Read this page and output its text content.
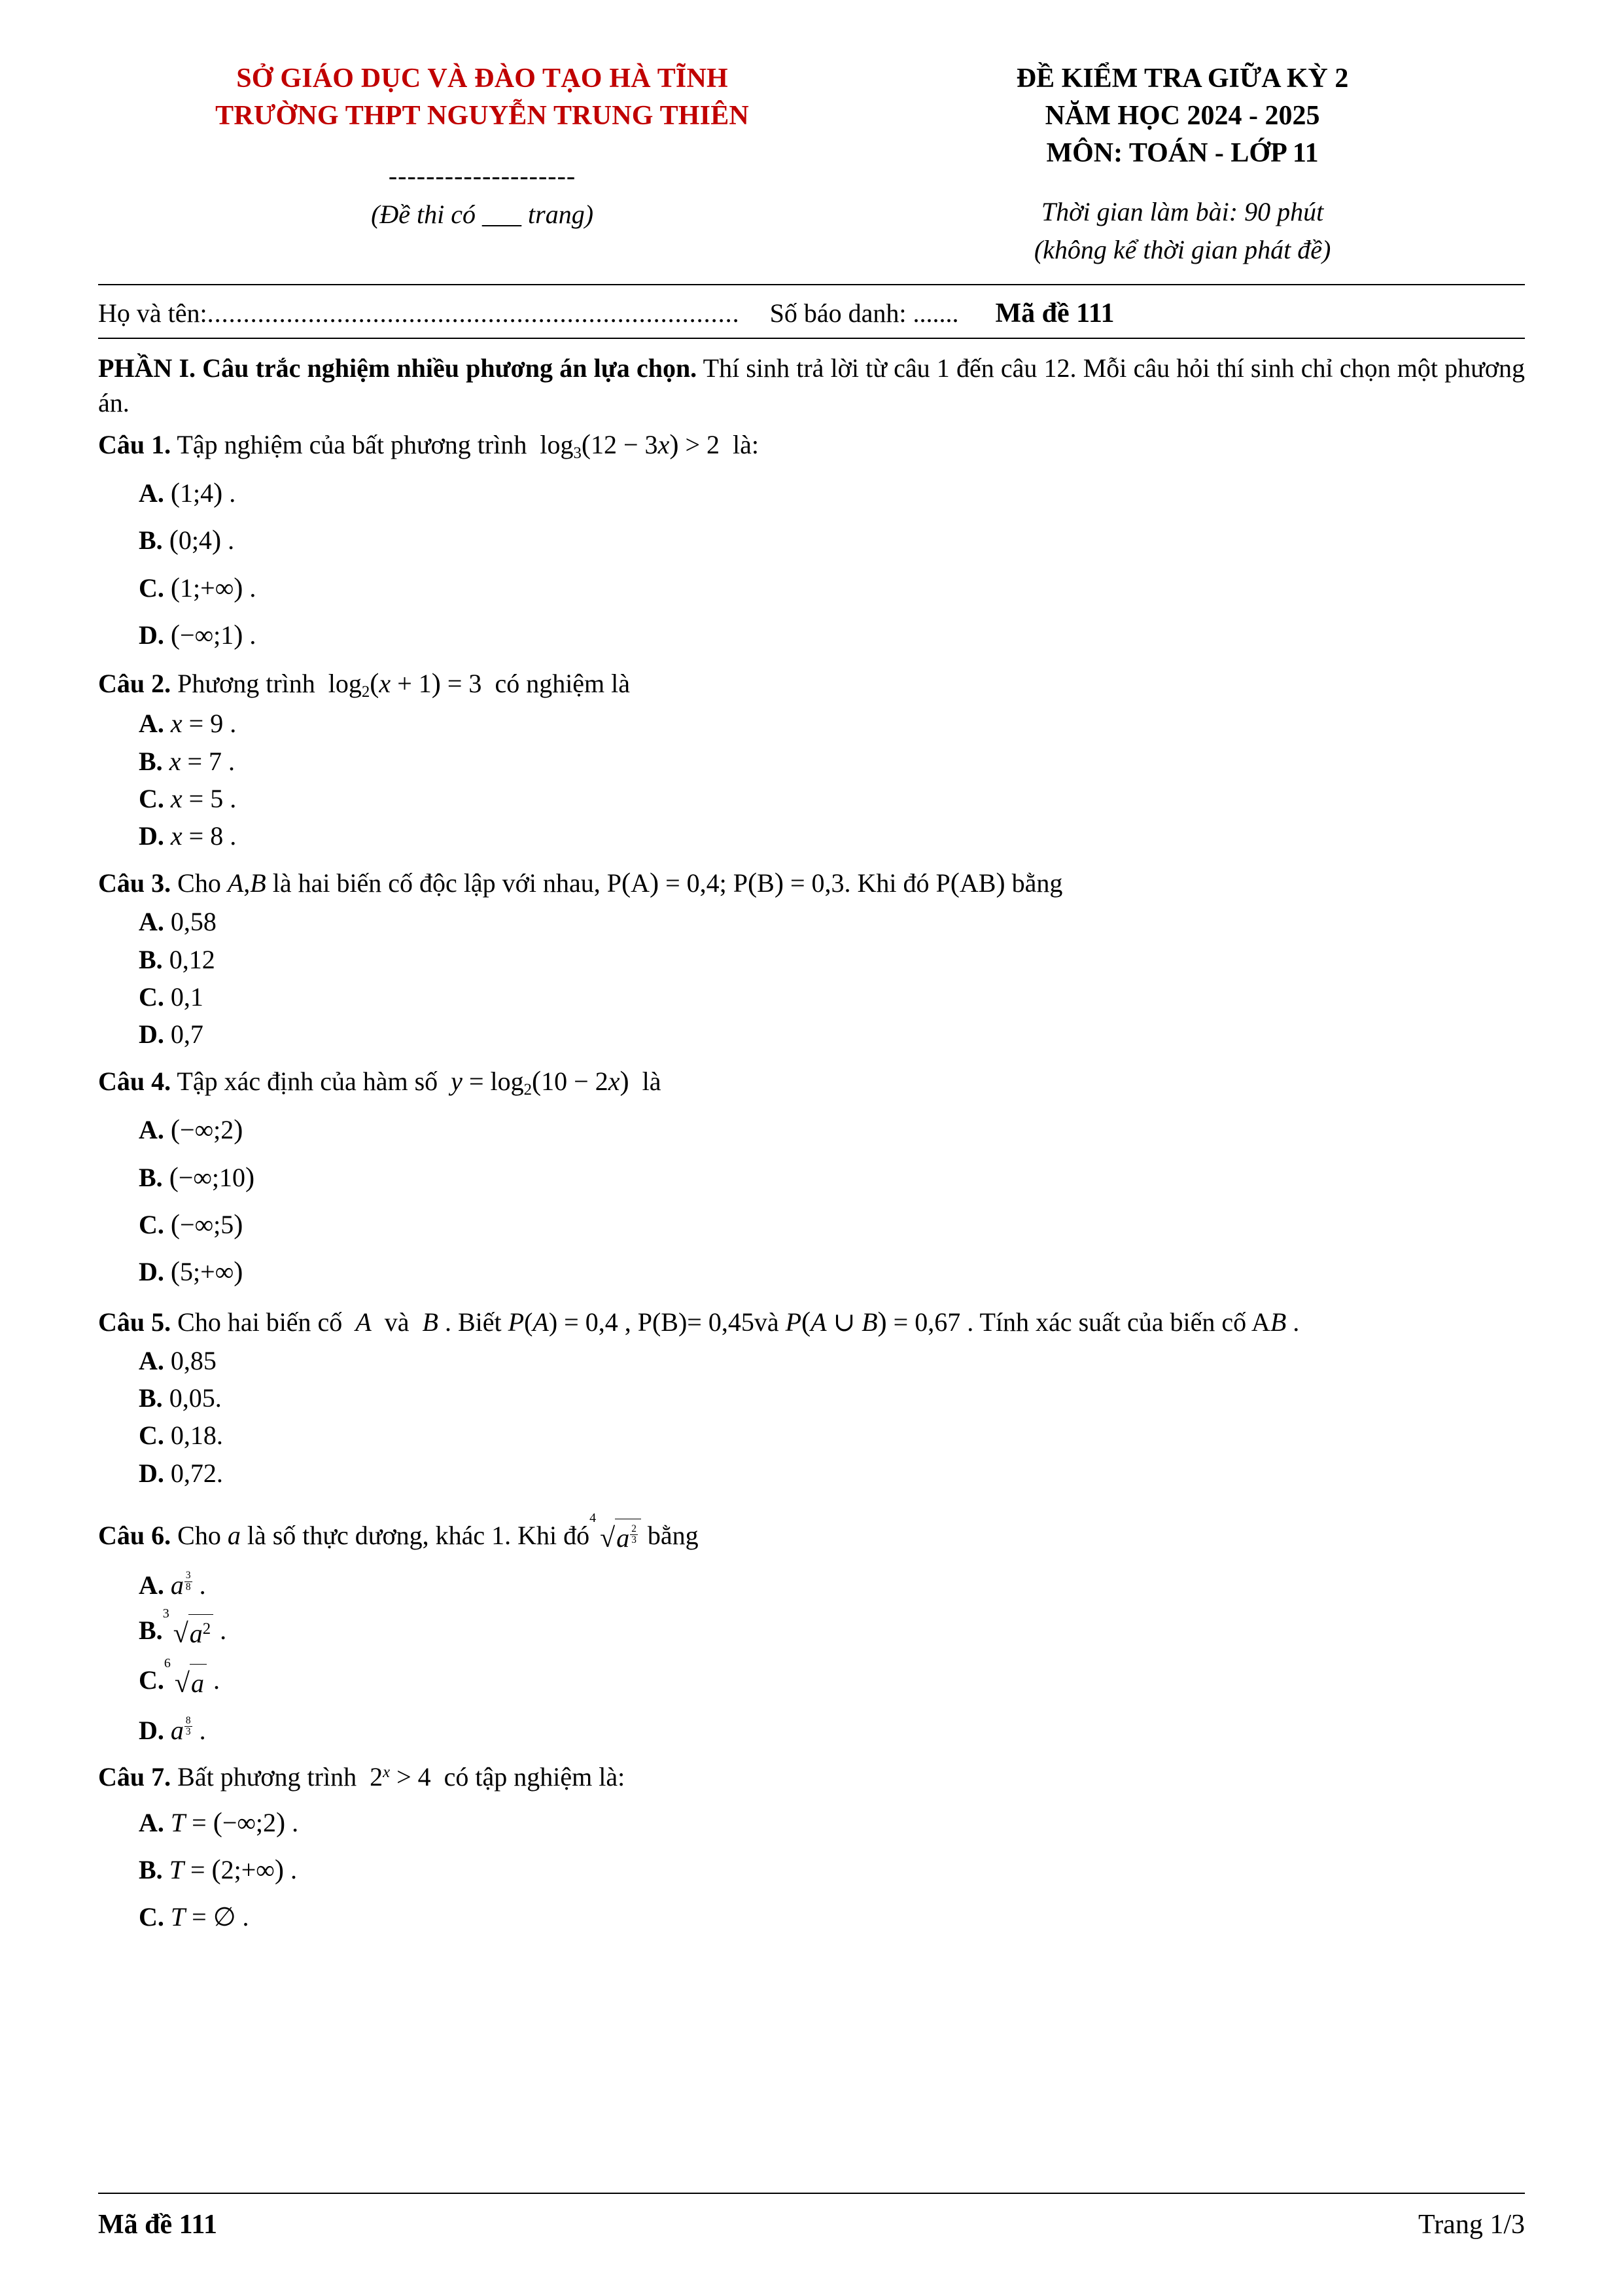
SỞ GIÁO DỤC VÀ ĐÀO TẠO HÀ TĨNH
TRƯỜNG THPT NGUYỄN TRUNG THIÊN
--------------------
(Đề thi có ___ trang)
ĐỀ KIỂM TRA GIỮA KỲ 2
NĂM HỌC 2024 - 2025
MÔN: TOÁN - LỚP 11
Thời gian làm bài: 90 phút
(không kể thời gian phát đề)
Họ và tên: .......................................................................... Số báo danh: ....... Mã đề 111
PHẦN I. Câu trắc nghiệm nhiều phương án lựa chọn. Thí sinh trả lời từ câu 1 đến câu 12. Mỗi câu hỏi thí sinh chỉ chọn một phương án.
Câu 1. Tập nghiệm của bất phương trình  $\log_3(12 - 3x) > 2$  là:
A. (1;4) .
B. (0;4) .
C. (1;+∞) .
D. (−∞;1) .
Câu 2. Phương trình  $\log_2(x + 1) = 3$  có nghiệm là
A. x = 9 .
B. x = 7 .
C. x = 5 .
D. x = 8 .
Câu 3. Cho A,B là hai biến cố độc lập với nhau, P(A) = 0,4; P(B) = 0,3. Khi đó P(AB) bằng
A. 0,58
B. 0,12
C. 0,1
D. 0,7
Câu 4. Tập xác định của hàm số $y = \log_2(10 - 2x)$ là
A. (−∞;2)
B. (−∞;10)
C. (−∞;5)
D. (5;+∞)
Câu 5. Cho hai biến cố  A  và  B . Biết P(A) = 0,4 , P(B)= 0,45và P(A ∪ B) = 0,67 . Tính xác suất của biến cố AB .
A. 0,85
B. 0,05.
C. 0,18.
D. 0,72.
Câu 6. Cho a là số thực dương, khác 1. Khi đó
4
√a $^{\frac{2}{3}}$ bằng
A. a $^{\frac{3}{8}}$ .
B.
3
$√a^2$ .
C.
6
√a .
D. a $^{\frac{8}{3}}$ .
Câu 7. Bất phương trình  $2^x > 4$  có tập nghiệm là:
A. T = (−∞;2) .
B. T = (2;+∞) .
C. T = ∅ .
Mã đề 111	Trang 1/3
